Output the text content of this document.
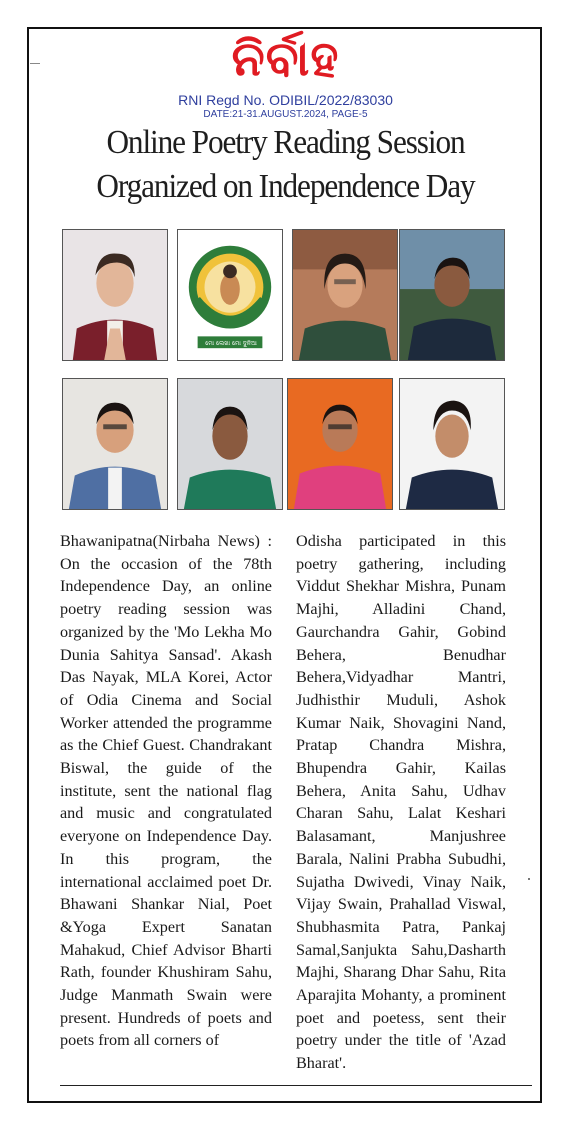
ନିର୍ବାହ
RNI Regd No. ODIBIL/2022/83030
DATE:21-31.AUGUST.2024, PAGE-5
Online Poetry Reading Session
Organized on Independence Day
ମୋ ଲେଖା ମୋ ଦୁନିଆ
Bhawanipatna(Nirbaha News) : On the occasion of the 78th Independence Day, an online poetry reading session was organized by the 'Mo Lekha Mo Dunia Sahitya Sansad'. Akash Das Nayak, MLA Korei, Actor of Odia Cinema and Social Worker attended the programme as the Chief Guest. Chandrakant Biswal, the guide of the institute, sent the national flag and music and congratulated everyone on Independence Day. In this program, the international acclaimed poet Dr. Bhawani Shankar Nial, Poet &Yoga Expert Sanatan Mahakud, Chief Advisor Bharti Rath, founder Khushiram Sahu, Judge Manmath Swain were present. Hundreds of poets and poets from all corners of
Odisha participated in this poetry gathering, including Viddut Shekhar Mishra, Punam Majhi, Alladini Chand, Gaurchandra Gahir, Gobind Behera, Benudhar Behera,Vidyadhar Mantri, Judhisthir Muduli, Ashok Kumar Naik, Shovagini Nand, Pratap Chandra Mishra, Bhupendra Gahir, Kailas Behera, Anita Sahu, Udhav Charan Sahu, Lalat Keshari Balasamant, Manjushree Barala, Nalini Prabha Subudhi, Sujatha Dwivedi, Vinay Naik, Vijay Swain, Prahallad Viswal, Shubhasmita Patra, Pankaj Samal,Sanjukta Sahu,Dasharth Majhi, Sharang Dhar Sahu, Rita Aparajita Mohanty, a prominent poet and poetess, sent their poetry under the title of 'Azad Bharat'.
